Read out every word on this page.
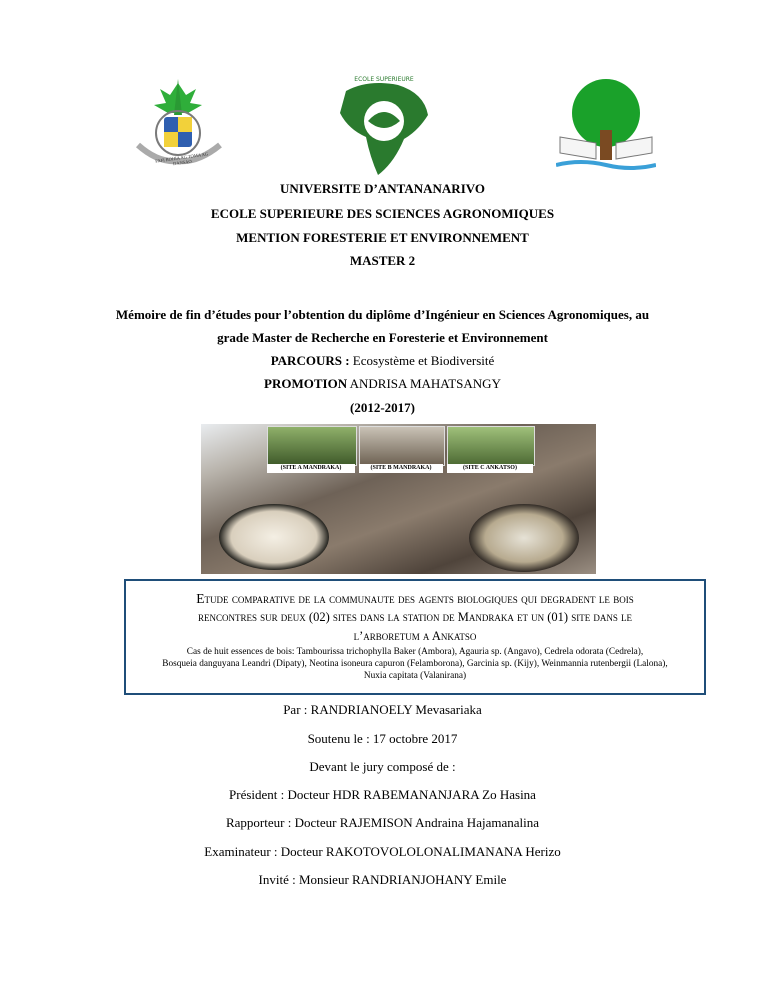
FAFI BOHIA AG TOMA AG DANSAO
ECOLE SUPERIEURE
UNIVERSITE D’ANTANANARIVO
ECOLE SUPERIEURE DES SCIENCES AGRONOMIQUES
MENTION FORESTERIE ET ENVIRONNEMENT
MASTER 2
Mémoire de fin d’études pour l’obtention du diplôme d’Ingénieur en Sciences Agronomiques, au
grade Master de Recherche en Foresterie et Environnement
PARCOURS : Ecosystème et Biodiversité
PROMOTION ANDRISA MAHATSANGY
(2012-2017)
(SITE A MANDRAKA)	(SITE B MANDRAKA)	(SITE C ANKATSO)
Etude comparative de la communaute des agents biologiques qui degradent le bois
rencontres sur deux (02) sites dans la station de Mandraka et un (01) site dans le
l’arboretum a Ankatso
Cas de huit essences de bois: Tambourissa trichophylla Baker (Ambora), Agauria sp. (Angavo), Cedrela odorata (Cedrela),
Bosqueia danguyana Leandri (Dipaty), Neotina isoneura capuron (Felamborona), Garcinia sp. (Kijy), Weinmannia rutenbergii (Lalona),
Nuxia capitata (Valanirana)
Par : RANDRIANOELY Mevasariaka
Soutenu le : 17 octobre 2017
Devant le jury composé de :
Président : Docteur HDR RABEMANANJARA Zo Hasina
Rapporteur : Docteur RAJEMISON Andraina Hajamanalina
Examinateur : Docteur RAKOTOVOLOLONALIMANANA Herizo
Invité : Monsieur RANDRIANJOHANY Emile
